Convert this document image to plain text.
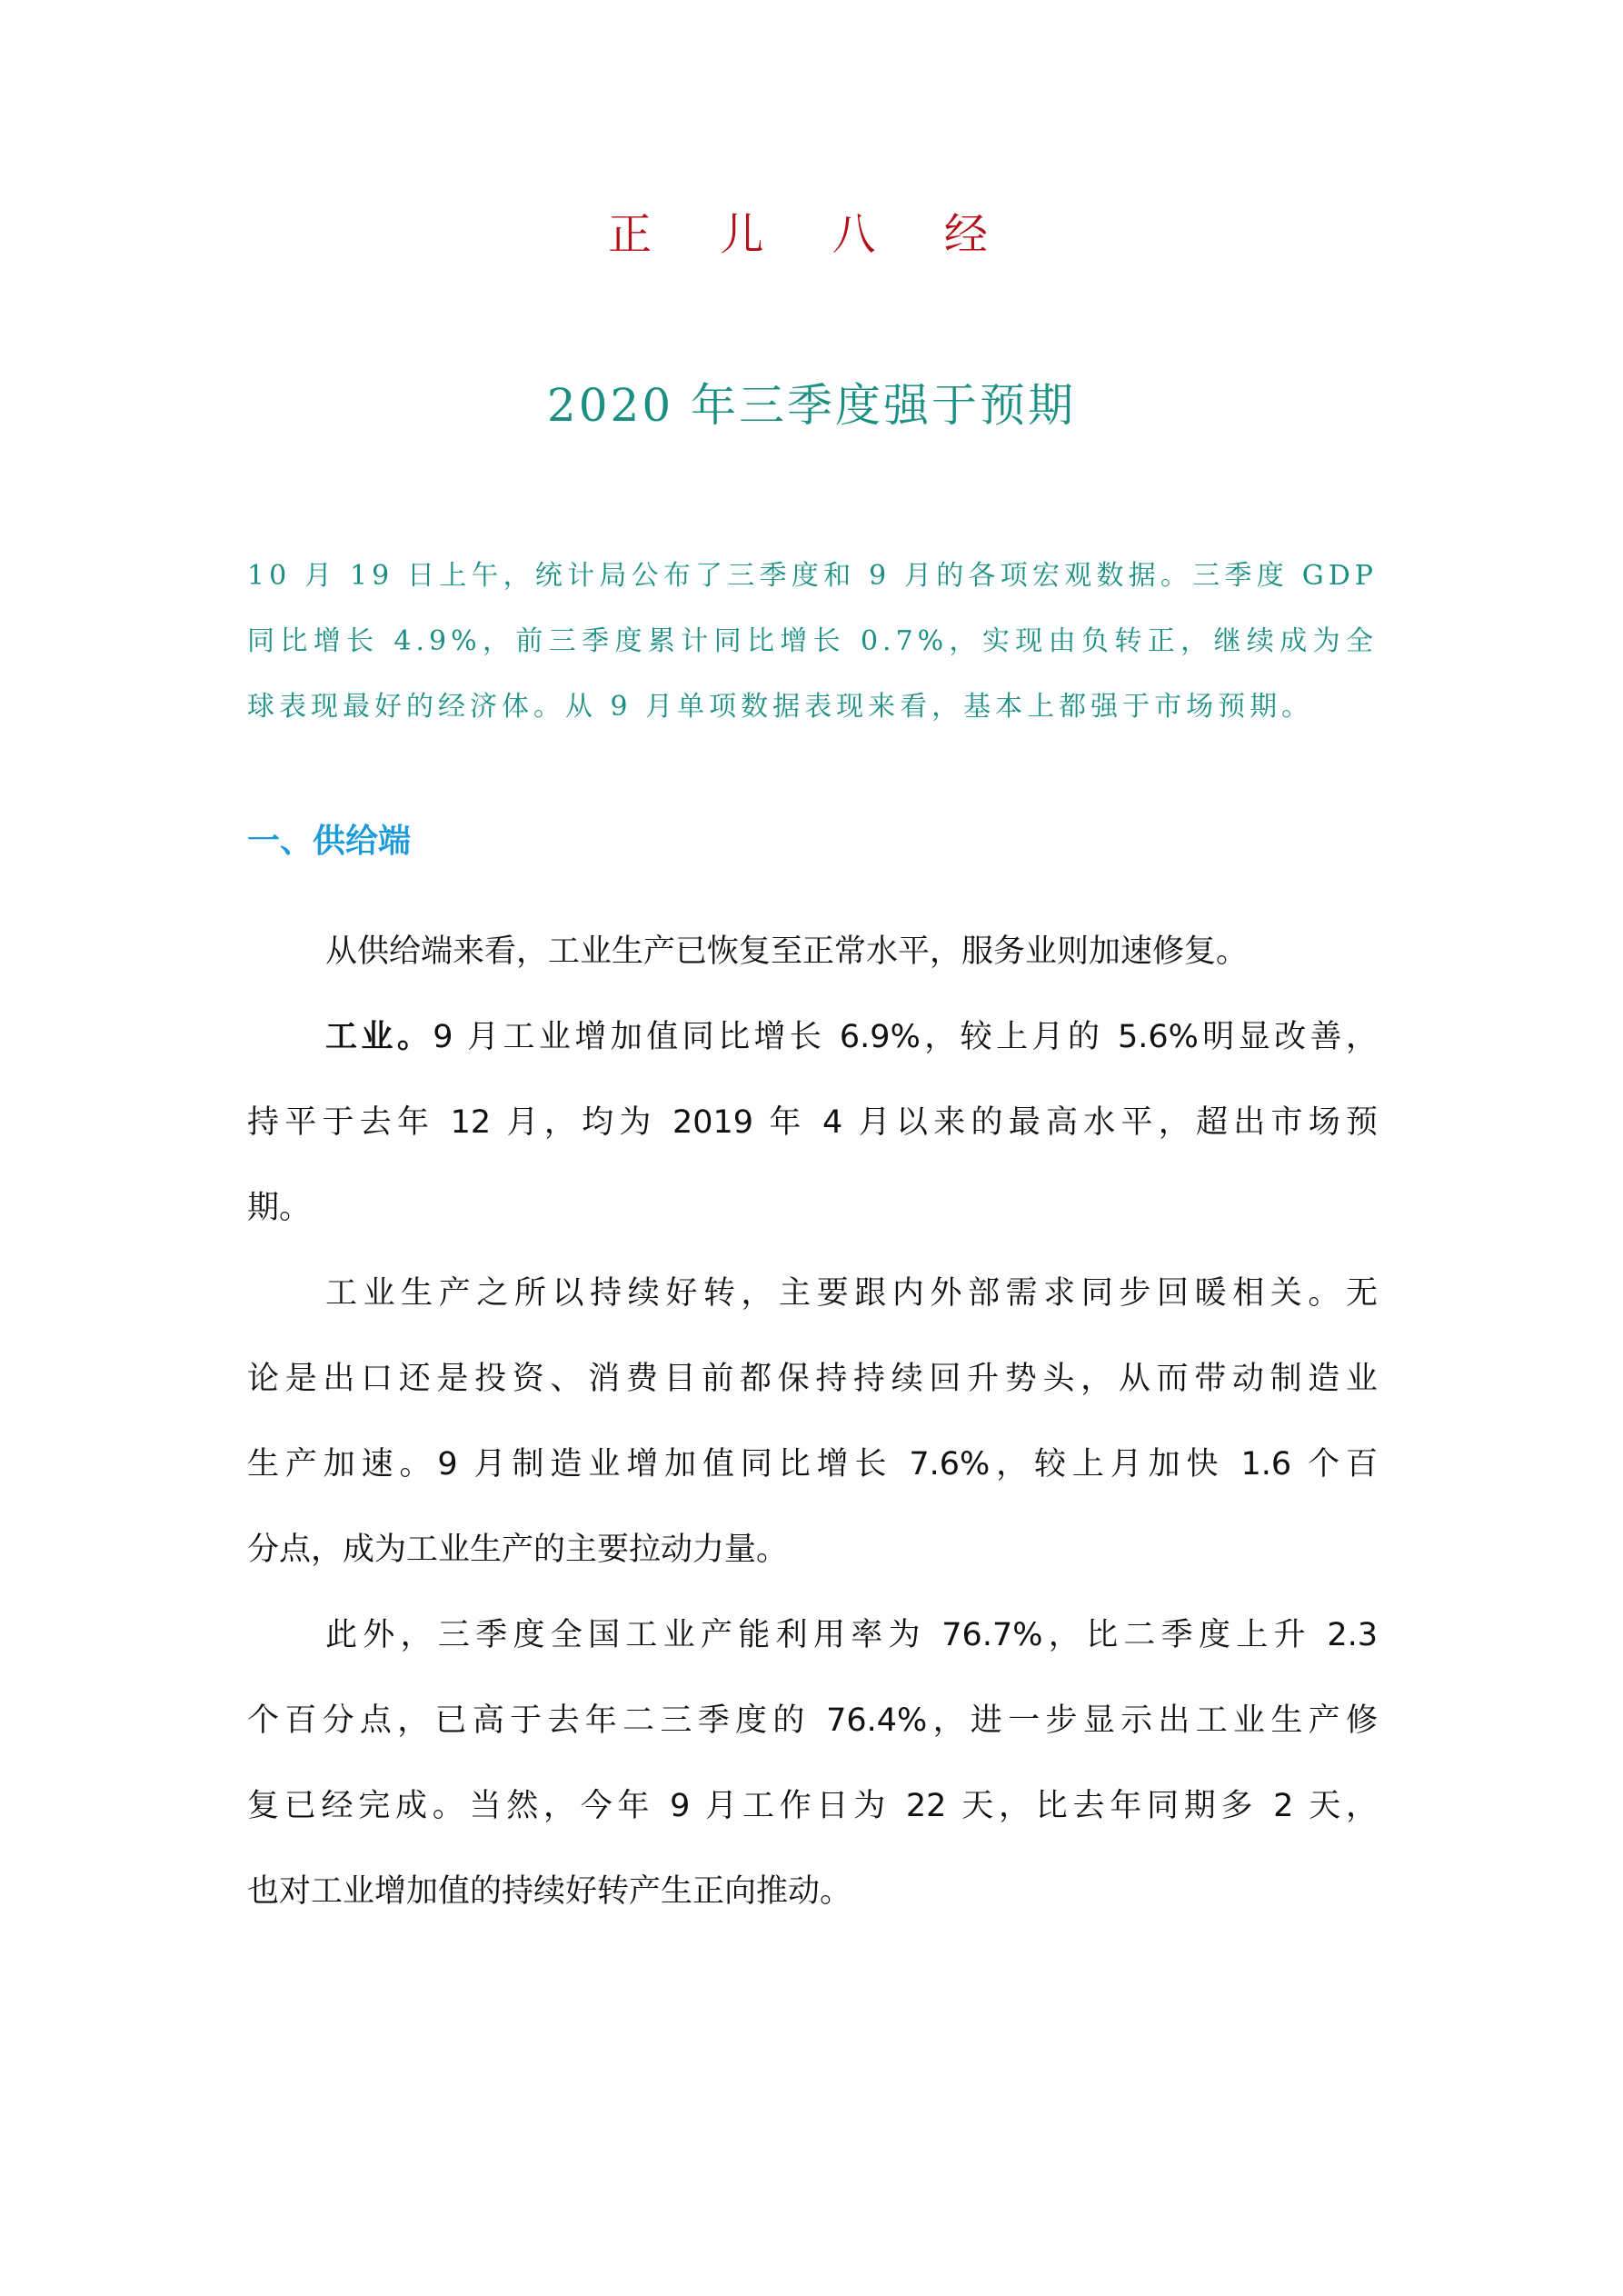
正 儿 八 经
2020 年三季度强于预期
10 月 19 日上午，统计局公布了三季度和 9 月的各项宏观数据。三季度 GDP
同比增长 4.9%，前三季度累计同比增长 0.7%，实现由负转正，继续成为全
球表现最好的经济体。从 9 月单项数据表现来看，基本上都强于市场预期。
一、供给端
从供给端来看，工业生产已恢复至正常水平，服务业则加速修复。
工业。9 月工业增加值同比增长 6.9%，较上月的 5.6%明显改善，
持平于去年 12 月，均为 2019 年 4 月以来的最高水平，超出市场预
期。
工业生产之所以持续好转，主要跟内外部需求同步回暖相关。无
论是出口还是投资、消费目前都保持持续回升势头，从而带动制造业
生产加速。9 月制造业增加值同比增长 7.6%，较上月加快 1.6 个百
分点，成为工业生产的主要拉动力量。
此外，三季度全国工业产能利用率为 76.7%，比二季度上升 2.3
个百分点，已高于去年二三季度的 76.4%，进一步显示出工业生产修
复已经完成。当然，今年 9 月工作日为 22 天，比去年同期多 2 天，
也对工业增加值的持续好转产生正向推动。
